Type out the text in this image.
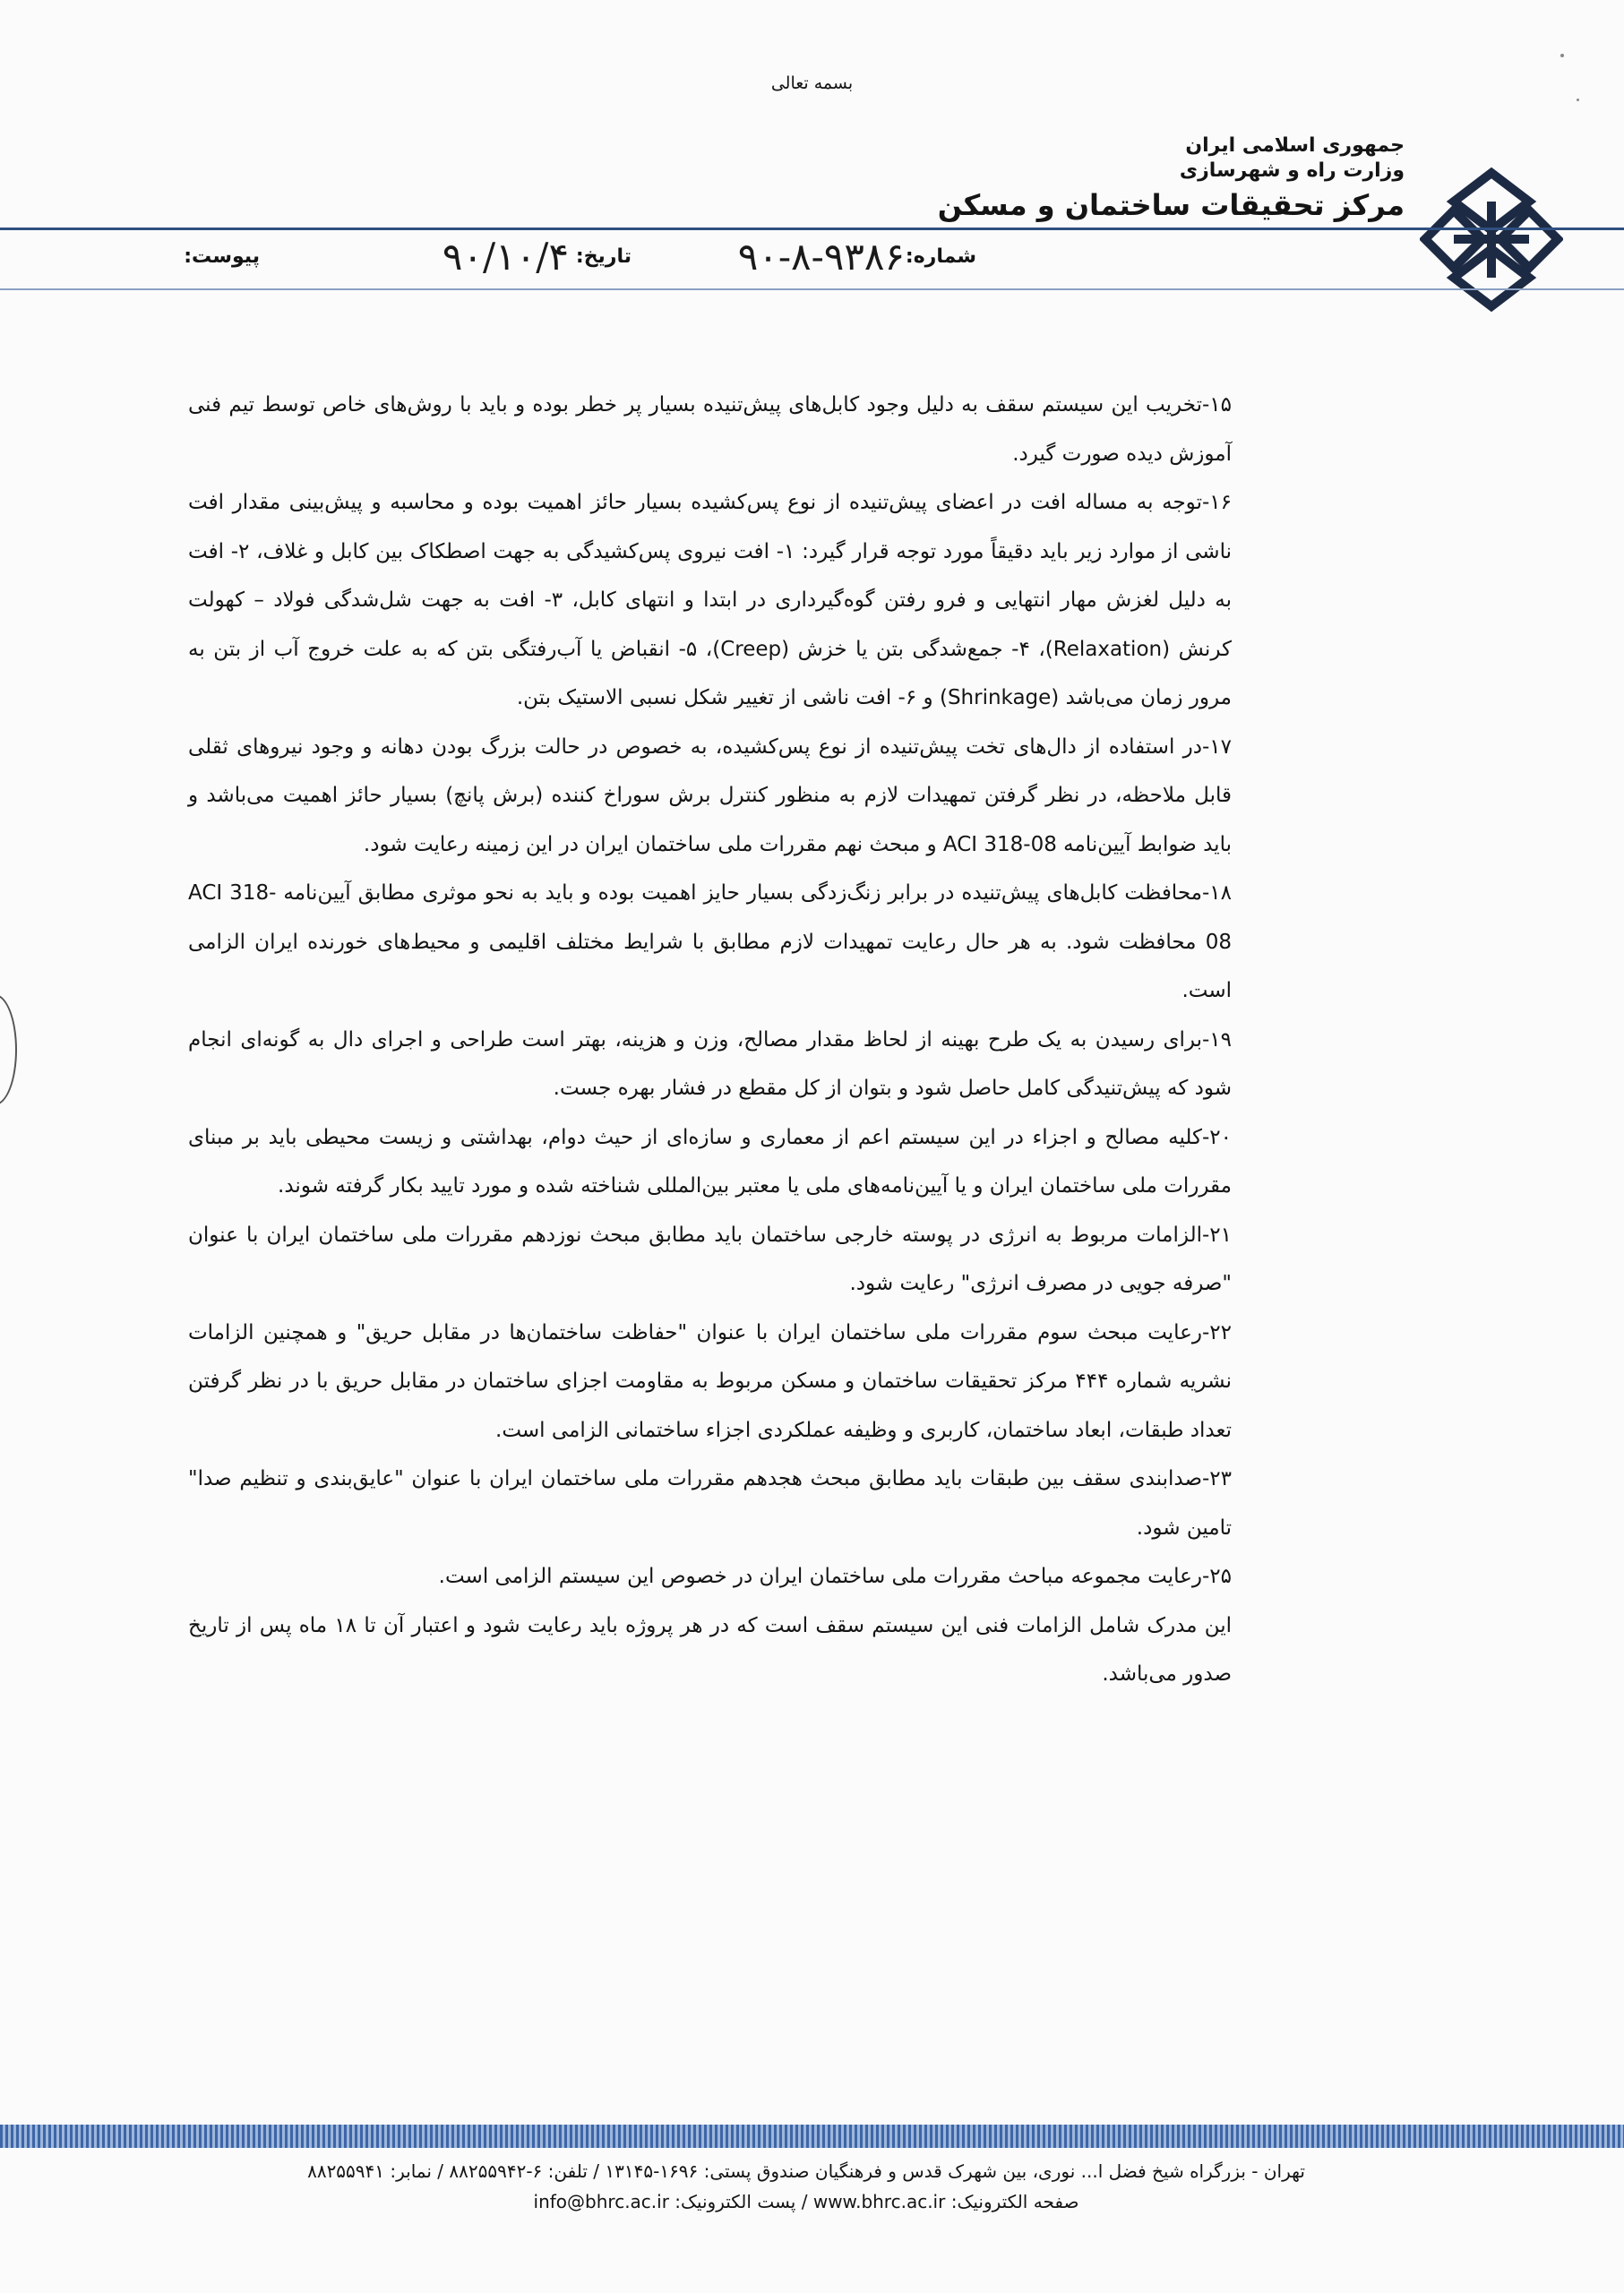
بسمه تعالی
جمهوری اسلامی ایران
وزارت راه و شهرسازی
مرکز تحقیقات ساختمان و مسکن
شماره:
۹۰-۸-۹۳۸۶
تاریخ:
۹۰/۱۰/۴
پیوست:

۱۵-تخریب این سیستم سقف به دلیل وجود کابل‌های پیش‌تنیده بسیار پر خطر بوده و باید با روش‌های خاص توسط تیم فنی آموزش دیده صورت گیرد.

۱۶-توجه به مساله افت در اعضای پیش‌تنیده از نوع پس‌کشیده بسیار حائز اهمیت بوده و محاسبه و پیش‌بینی مقدار افت ناشی از موارد زیر باید دقیقاً مورد توجه قرار گیرد: ۱- افت نیروی پس‌کشیدگی به جهت اصطکاک بین کابل و غلاف، ۲- افت به دلیل لغزش مهار انتهایی و فرو رفتن گوه‌گیرداری در ابتدا و انتهای کابل، ۳- افت به جهت شل‌شدگی فولاد – کهولت کرنش (Relaxation)، ۴- جمع‌شدگی بتن یا خزش (Creep)، ۵- انقباض یا آب‌رفتگی بتن که به علت خروج آب از بتن به مرور زمان می‌باشد (Shrinkage) و ۶- افت ناشی از تغییر شکل نسبی الاستیک بتن.

۱۷-در استفاده از دال‌های تخت پیش‌تنیده از نوع پس‌کشیده، به خصوص در حالت بزرگ بودن دهانه و وجود نیروهای ثقلی قابل ملاحظه، در نظر گرفتن تمهیدات لازم به منظور کنترل برش سوراخ کننده (برش پانچ) بسیار حائز اهمیت می‌باشد و باید ضوابط آیین‌نامه ACI 318-08 و مبحث نهم مقررات ملی ساختمان ایران در این زمینه رعایت شود.

۱۸-محافظت کابل‌های پیش‌تنیده در برابر زنگ‌زدگی بسیار حایز اهمیت بوده و باید به نحو موثری مطابق آیین‌نامه ACI 318-08 محافظت شود. به هر حال رعایت تمهیدات لازم مطابق با شرایط مختلف اقلیمی و محیط‌های خورنده ایران الزامی است.

۱۹-برای رسیدن به یک طرح بهینه از لحاظ مقدار مصالح، وزن و هزینه، بهتر است طراحی و اجرای دال به گونه‌ای انجام شود که پیش‌تنیدگی کامل حاصل شود و بتوان از کل مقطع در فشار بهره جست.

۲۰-کلیه مصالح و اجزاء در این سیستم اعم از معماری و سازه‌ای از حیث دوام، بهداشتی و زیست محیطی باید بر مبنای مقررات ملی ساختمان ایران و یا آیین‌نامه‌های ملی یا معتبر بین‌المللی شناخته شده و مورد تایید بکار گرفته شوند.

۲۱-الزامات مربوط به انرژی در پوسته خارجی ساختمان باید مطابق مبحث نوزدهم مقررات ملی ساختمان ایران با عنوان "صرفه جویی در مصرف انرژی" رعایت شود.

۲۲-رعایت مبحث سوم مقررات ملی ساختمان ایران با عنوان "حفاظت ساختمان‌ها در مقابل حریق" و همچنین الزامات نشریه شماره ۴۴۴ مرکز تحقیقات ساختمان و مسکن مربوط به مقاومت اجزای ساختمان در مقابل حریق با در نظر گرفتن تعداد طبقات، ابعاد ساختمان، کاربری و وظیفه عملکردی اجزاء ساختمانی الزامی است.

۲۳-صدابندی سقف بین طبقات باید مطابق مبحث هجدهم مقررات ملی ساختمان ایران با عنوان "عایق‌بندی و تنظیم صدا" تامین شود.

۲۵-رعایت مجموعه مباحث مقررات ملی ساختمان ایران در خصوص این سیستم الزامی است.

این مدرک شامل الزامات فنی این سیستم سقف است که در هر پروژه باید رعایت شود و اعتبار آن تا ۱۸ ماه پس از تاریخ صدور می‌باشد.

تهران - بزرگراه شیخ فضل ا... نوری، بین شهرک قدس و فرهنگیان صندوق پستی: ۱۶۹۶-۱۳۱۴۵ / تلفن: ۶-۸۸۲۵۵۹۴۲ / نمابر: ۸۸۲۵۵۹۴۱
صفحه الکترونیک: www.bhrc.ac.ir / پست الکترونیک: info@bhrc.ac.ir
